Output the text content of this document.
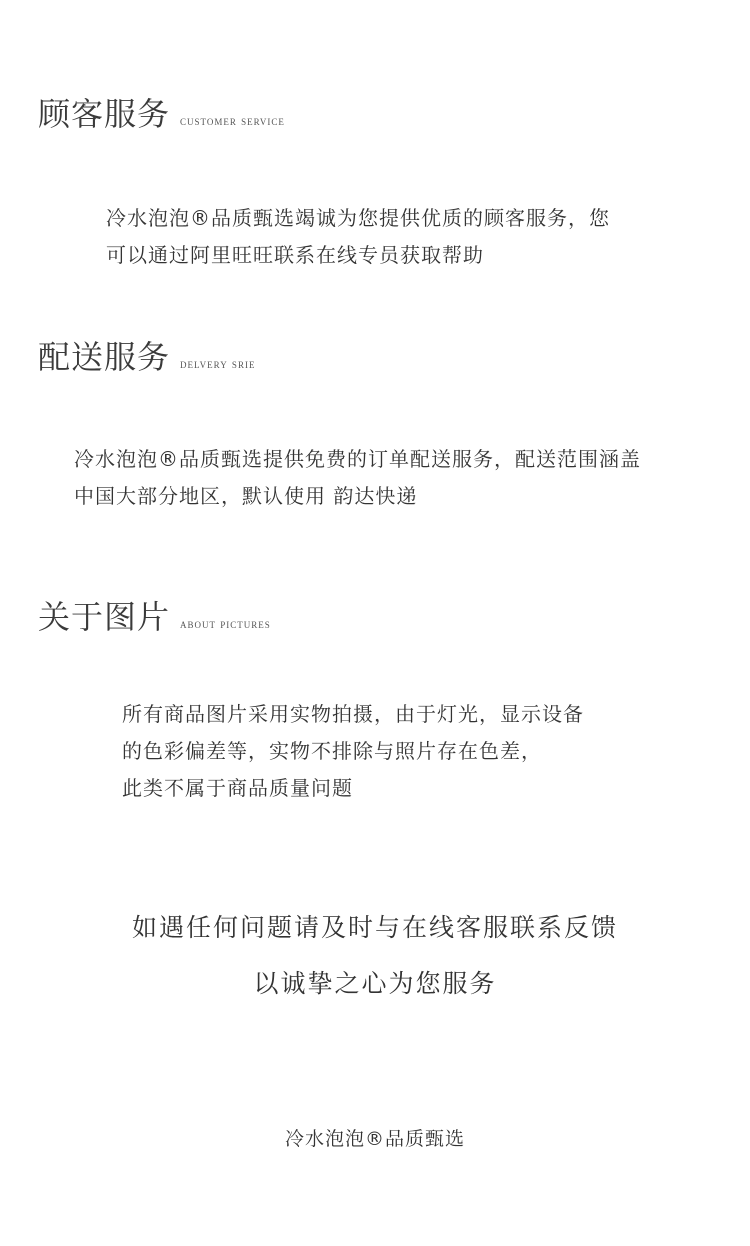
顾客服务 customer service
冷水泡泡®品质甄选竭诚为您提供优质的顾客服务，您
可以通过阿里旺旺联系在线专员获取帮助
配送服务 delvery srie
冷水泡泡®品质甄选提供免费的订单配送服务，配送范围涵盖
中国大部分地区，默认使用 韵达快递
关于图片 about pictures
所有商品图片采用实物拍摄，由于灯光，显示设备
的色彩偏差等，实物不排除与照片存在色差，
此类不属于商品质量问题
如遇任何问题请及时与在线客服联系反馈
以诚挚之心为您服务
冷水泡泡®品质甄选
